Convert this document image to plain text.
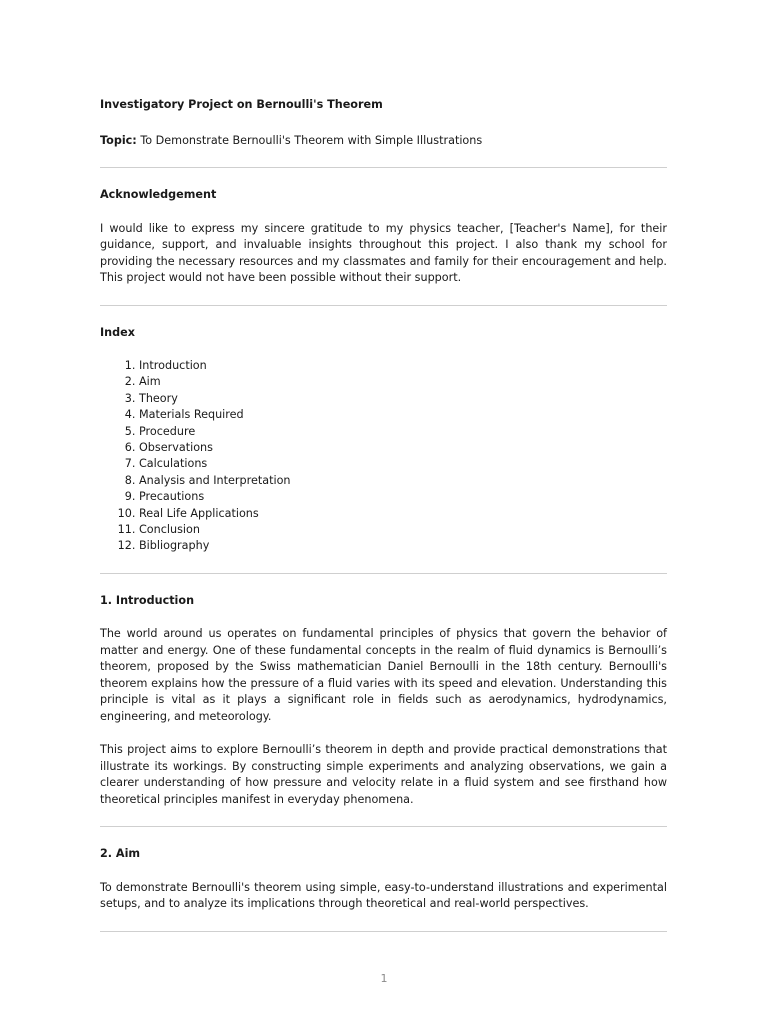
Investigatory Project on Bernoulli's Theorem
Topic: To Demonstrate Bernoulli's Theorem with Simple Illustrations
Acknowledgement

I would like to express my sincere gratitude to my physics teacher, [Teacher's Name], for their guidance, support, and invaluable insights throughout this project. I also thank my school for providing the necessary resources and my classmates and family for their encouragement and help. This project would not have been possible without their support.

Index
1. Introduction
2. Aim
3. Theory
4. Materials Required
5. Procedure
6. Observations
7. Calculations
8. Analysis and Interpretation
9. Precautions
10. Real Life Applications
11. Conclusion
12. Bibliography
1. Introduction

The world around us operates on fundamental principles of physics that govern the behavior of matter and energy. One of these fundamental concepts in the realm of fluid dynamics is Bernoulli’s theorem, proposed by the Swiss mathematician Daniel Bernoulli in the 18th century. Bernoulli's theorem explains how the pressure of a fluid varies with its speed and elevation. Understanding this principle is vital as it plays a significant role in fields such as aerodynamics, hydrodynamics, engineering, and meteorology.

This project aims to explore Bernoulli’s theorem in depth and provide practical demonstrations that illustrate its workings. By constructing simple experiments and analyzing observations, we gain a clearer understanding of how pressure and velocity relate in a fluid system and see firsthand how theoretical principles manifest in everyday phenomena.

2. Aim

To demonstrate Bernoulli's theorem using simple, easy-to-understand illustrations and experimental setups, and to analyze its implications through theoretical and real-world perspectives.

1
